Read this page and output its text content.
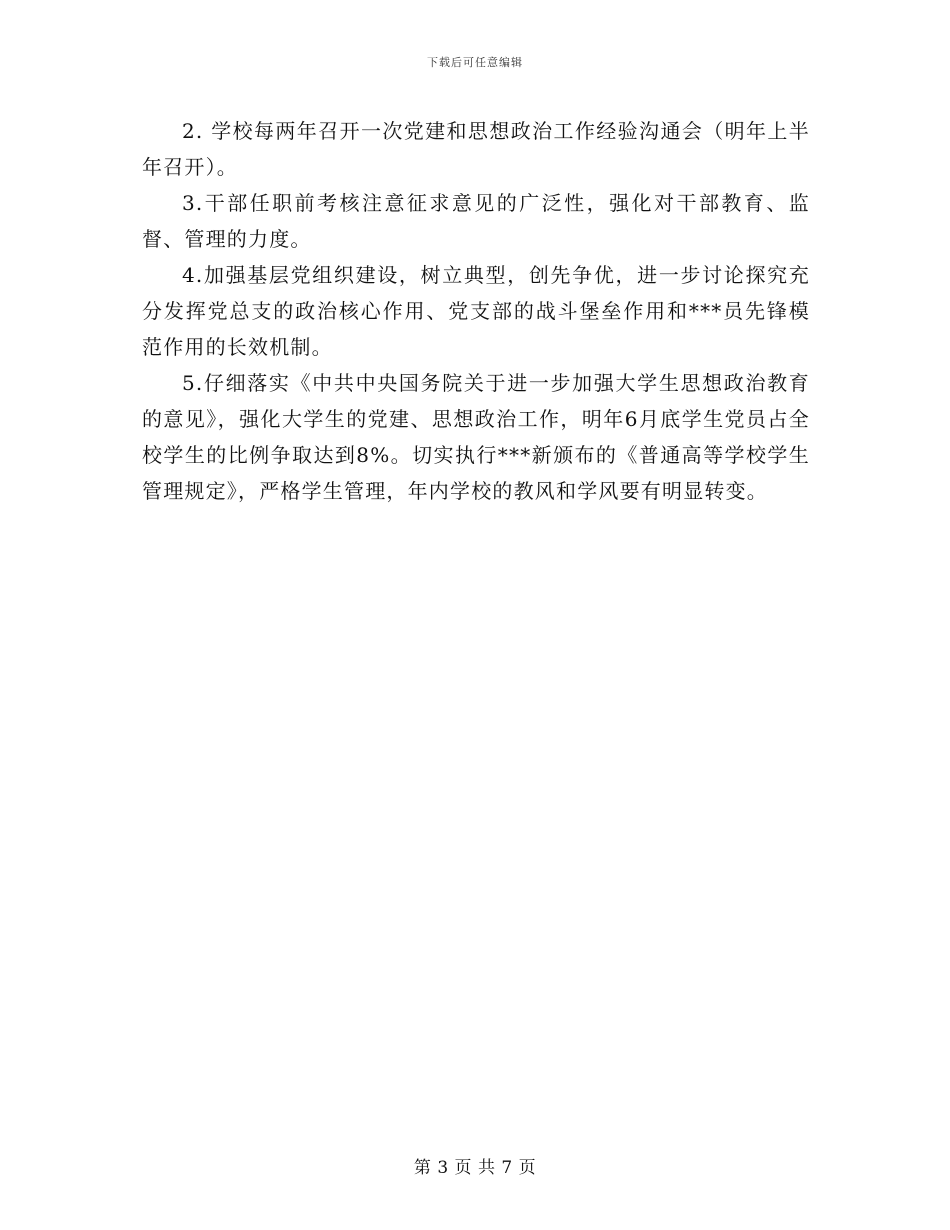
下载后可任意编辑

2. 学校每两年召开一次党建和思想政治工作经验沟通会（明年上半年召开）。

3.干部任职前考核注意征求意见的广泛性，强化对干部教育、监督、管理的力度。

4.加强基层党组织建设，树立典型，创先争优，进一步讨论探究充分发挥党总支的政治核心作用、党支部的战斗堡垒作用和***员先锋模范作用的长效机制。

5.仔细落实《中共中央国务院关于进一步加强大学生思想政治教育的意见》，强化大学生的党建、思想政治工作，明年6月底学生党员占全校学生的比例争取达到8%。切实执行***新颁布的《普通高等学校学生管理规定》，严格学生管理，年内学校的教风和学风要有明显转变。

第 3 页 共 7 页
